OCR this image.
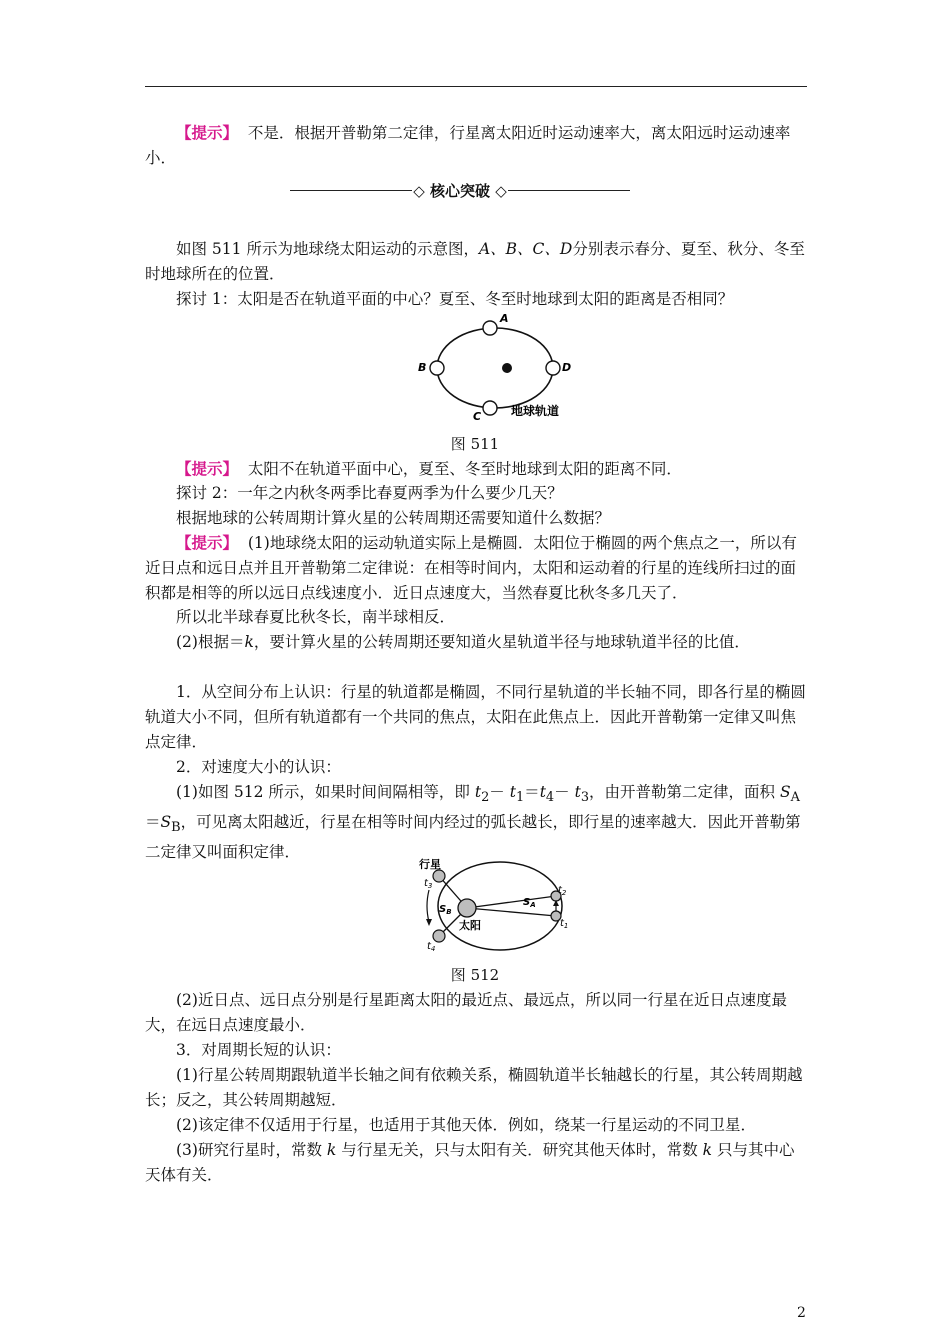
【提示】 不是．根据开普勒第二定律，行星离太阳近时运动速率大，离太阳远时运动速率小．

◇ 核心突破 ◇

如图 511 所示为地球绕太阳运动的示意图，A、B、C、D分别表示春分、夏至、秋分、冬至时地球所在的位置．

探讨 1：太阳是否在轨道平面的中心？夏至、冬至时地球到太阳的距离是否相同？

A
B	D
C 地球轨道
图 511

【提示】 太阳不在轨道平面中心，夏至、冬至时地球到太阳的距离不同．

探讨 2：一年之内秋冬两季比春夏两季为什么要少几天？

根据地球的公转周期计算火星的公转周期还需要知道什么数据？

【提示】 (1)地球绕太阳的运动轨道实际上是椭圆．太阳位于椭圆的两个焦点之一，所以有近日点和远日点并且开普勒第二定律说：在相等时间内，太阳和运动着的行星的连线所扫过的面积都是相等的所以远日点线速度小．近日点速度大，当然春夏比秋冬多几天了．

所以北半球春夏比秋冬长，南半球相反．

(2)根据＝k，要计算火星的公转周期还要知道火星轨道半径与地球轨道半径的比值．

1．从空间分布上认识：行星的轨道都是椭圆，不同行星轨道的半长轴不同，即各行星的椭圆轨道大小不同，但所有轨道都有一个共同的焦点，太阳在此焦点上．因此开普勒第一定律又叫焦点定律．

2．对速度大小的认识：

(1)如图 512 所示，如果时间间隔相等，即 $t_2- t_1=t_4- t_3$，由开普勒第二定律，面积 $S_A=S_B$，可见离太阳越近，行星在相等时间内经过的弧长越长，即行星的速率越大．因此开普勒第二定律又叫面积定律．

行星
太阳
$S_B$
$S_A$
$t_3$
$t_4$
$t_2$
$t_1$
图 512

(2)近日点、远日点分别是行星距离太阳的最近点、最远点，所以同一行星在近日点速度最大，在远日点速度最小．

3．对周期长短的认识：

(1)行星公转周期跟轨道半长轴之间有依赖关系，椭圆轨道半长轴越长的行星，其公转周期越长；反之，其公转周期越短．

(2)该定律不仅适用于行星，也适用于其他天体．例如，绕某一行星运动的不同卫星．

(3)研究行星时，常数 k 与行星无关，只与太阳有关．研究其他天体时，常数 k 只与其中心天体有关．

2
